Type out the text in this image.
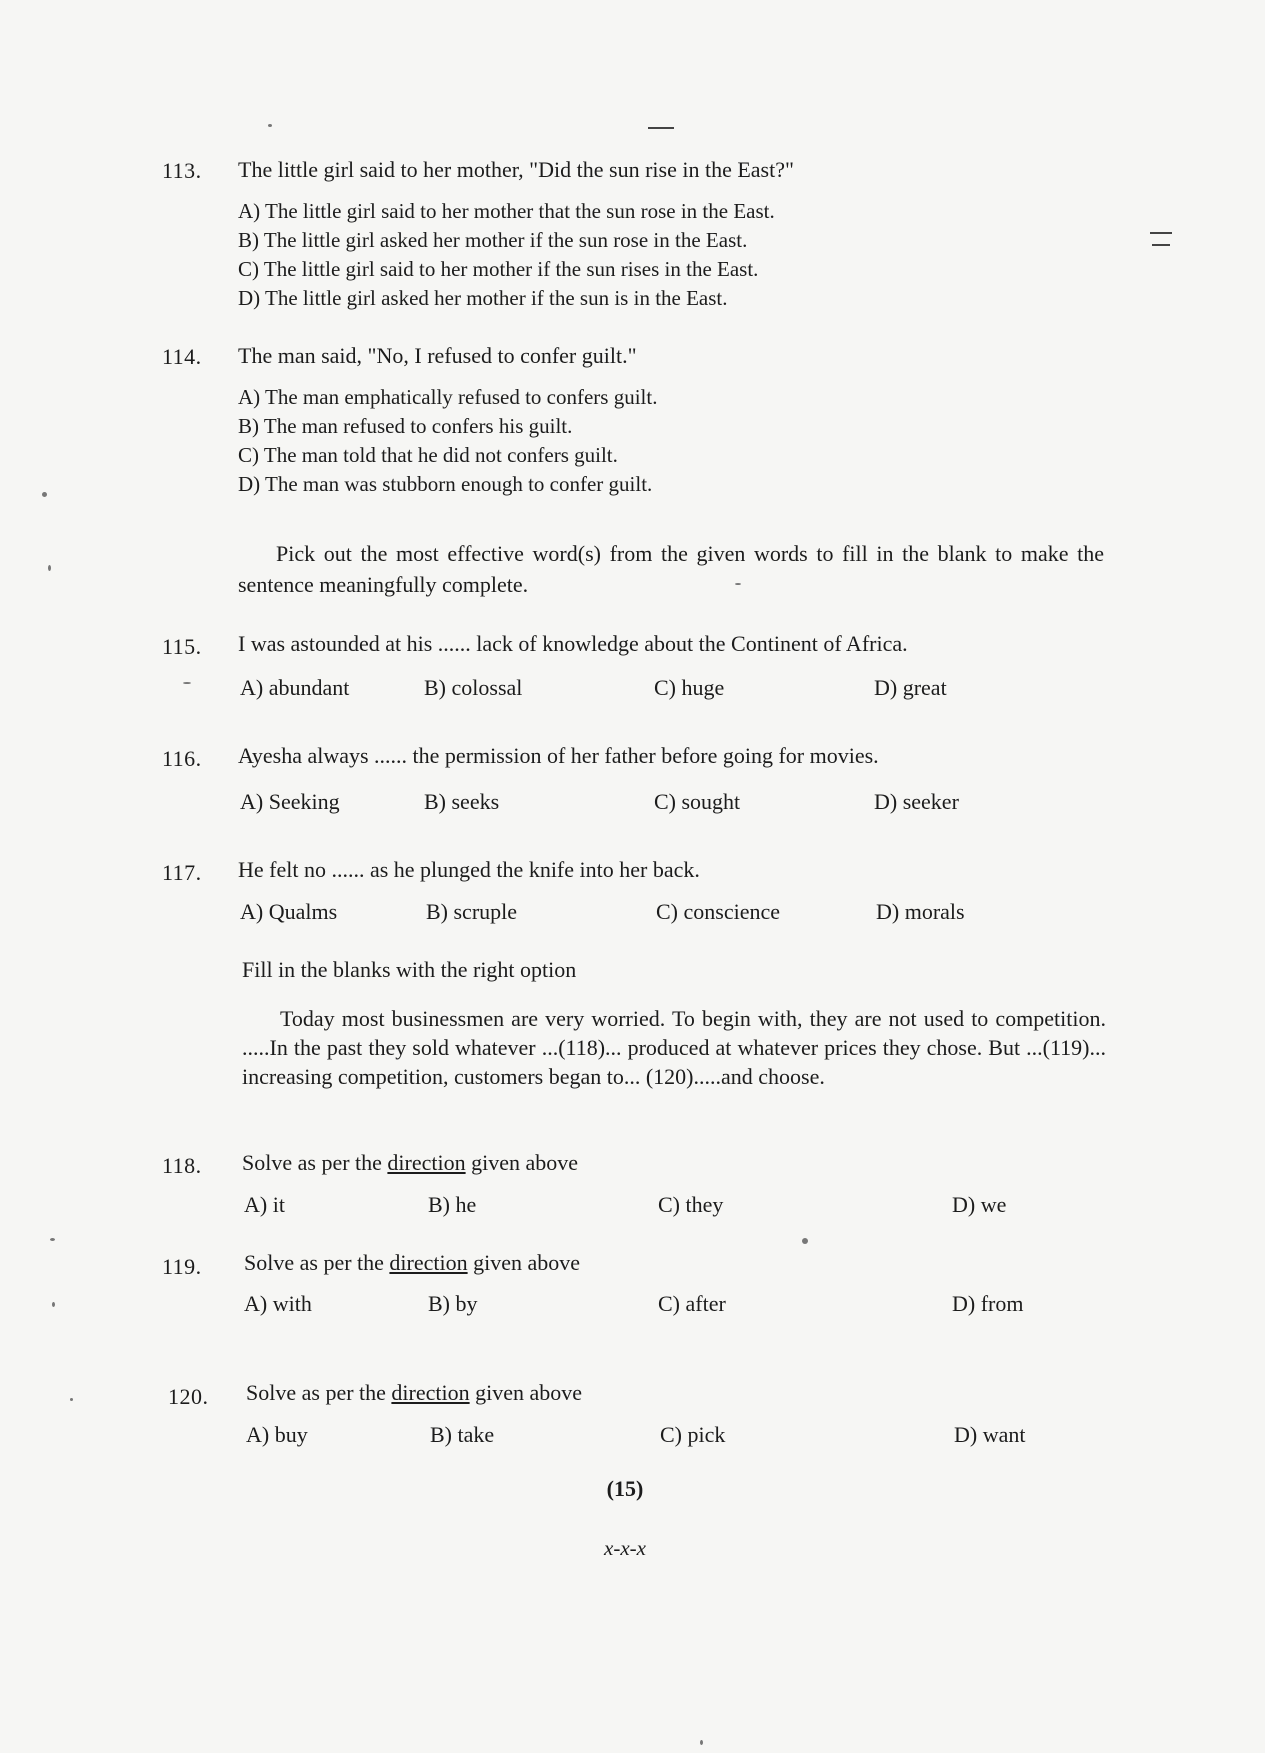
113. The little girl said to her mother, "Did the sun rise in the East?"
A) The little girl said to her mother that the sun rose in the East.
B) The little girl asked her mother if the sun rose in the East.
C) The little girl said to her mother if the sun rises in the East.
D) The little girl asked her mother if the sun is in the East.
114. The man said, "No, I refused to confer guilt."
A) The man emphatically refused to confers guilt.
B) The man refused to confers his guilt.
C) The man told that he did not confers guilt.
D) The man was stubborn enough to confer guilt.
Pick out the most effective word(s) from the given words to fill in the blank to make the sentence meaningfully complete.
115. I was astounded at his ...... lack of knowledge about the Continent of Africa.
A) abundant	B) colossal	C) huge	D) great
116. Ayesha always ...... the permission of her father before going for movies.
A) Seeking	B) seeks	C) sought	D) seeker
117. He felt no ...... as he plunged the knife into her back.
A) Qualms	B) scruple	C) conscience	D) morals
Fill in the blanks with the right option
Today most businessmen are very worried. To begin with, they are not used to competition. .....In the past they sold whatever ...(118)... produced at whatever prices they chose. But ...(119)... increasing competition, customers began to... (120).....and choose.
118. Solve as per the direction given above
A) it	B) he	C) they	D) we
119. Solve as per the direction given above
A) with	B) by	C) after	D) from
120. Solve as per the direction given above
A) buy	B) take	C) pick	D) want
(15)
x-x-x
